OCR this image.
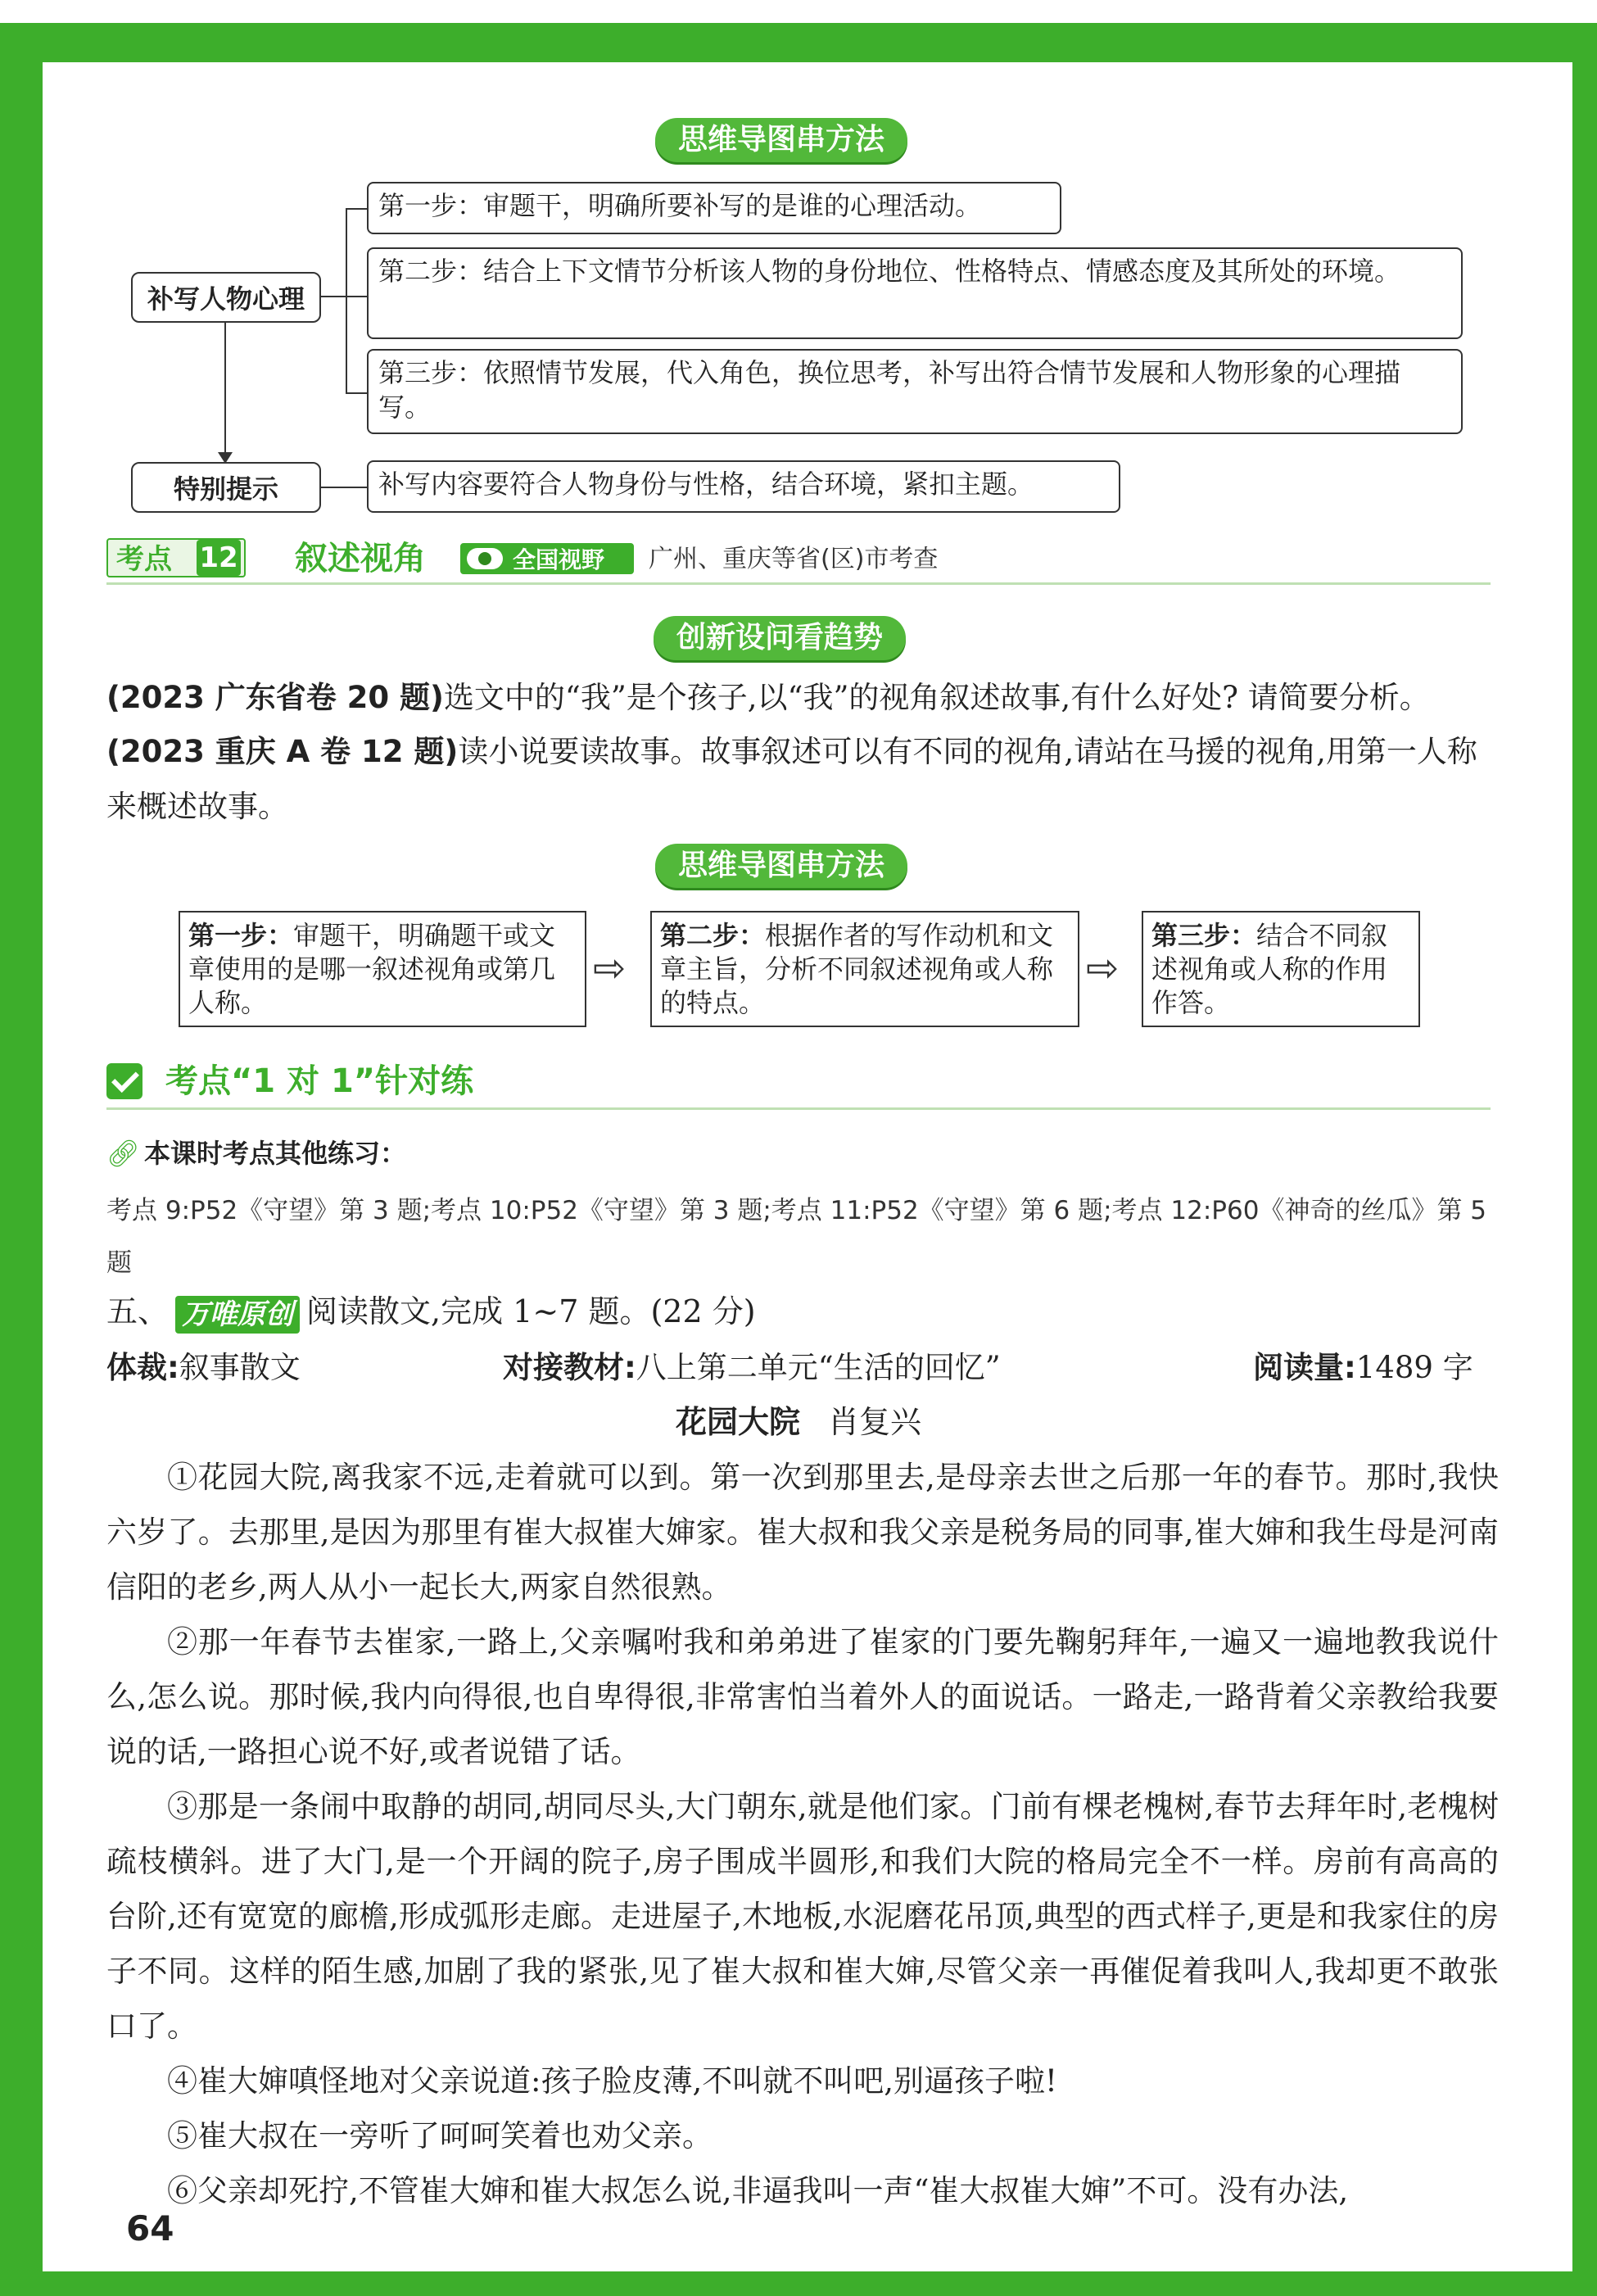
思维导图串方法
补写人物心理
第一步：审题干，明确所要补写的是谁的心理活动。
第二步：结合上下文情节分析该人物的身份地位、性格特点、情感态度及其所处的环境。
第三步：依照情节发展，代入角色，换位思考，补写出符合情节发展和人物形象的心理描写。
特别提示	补写内容要符合人物身份与性格，结合环境，紧扣主题。
考点 12 叙述视角	全国视野	广州、重庆等省(区)市考查
创新设问看趋势
(2023 广东省卷 20 题)选文中的“我”是个孩子,以“我”的视角叙述故事,有什么好处? 请简要分析。
(2023 重庆 A 卷 12 题)读小说要读故事。故事叙述可以有不同的视角,请站在马援的视角,用第一人称来概述故事。
思维导图串方法
第一步：审题干，明确题干或文章使用的是哪一叙述视角或第几人称。
⇨
第二步：根据作者的写作动机和文章主旨，分析不同叙述视角或人称的特点。
⇨
第三步：结合不同叙述视角或人称的作用作答。
考点“1 对 1”针对练
🔗︎ 本课时考点其他练习：
考点 9:P52《守望》第 3 题;考点 10:P52《守望》第 3 题;考点 11:P52《守望》第 6 题;考点 12:P60《神奇的丝瓜》第 5 题
五、 万唯原创 阅读散文,完成 1~7 题。(22 分)
体裁:叙事散文	对接教材:八上第二单元“生活的回忆”	阅读量:1489 字
花园大院 肖复兴

①花园大院,离我家不远,走着就可以到。第一次到那里去,是母亲去世之后那一年的春节。那时,我快六岁了。去那里,是因为那里有崔大叔崔大婶家。崔大叔和我父亲是税务局的同事,崔大婶和我生母是河南信阳的老乡,两人从小一起长大,两家自然很熟。

②那一年春节去崔家,一路上,父亲嘱咐我和弟弟进了崔家的门要先鞠躬拜年,一遍又一遍地教我说什么,怎么说。那时候,我内向得很,也自卑得很,非常害怕当着外人的面说话。一路走,一路背着父亲教给我要说的话,一路担心说不好,或者说错了话。

③那是一条闹中取静的胡同,胡同尽头,大门朝东,就是他们家。门前有棵老槐树,春节去拜年时,老槐树疏枝横斜。进了大门,是一个开阔的院子,房子围成半圆形,和我们大院的格局完全不一样。房前有高高的台阶,还有宽宽的廊檐,形成弧形走廊。走进屋子,木地板,水泥磨花吊顶,典型的西式样子,更是和我家住的房子不同。这样的陌生感,加剧了我的紧张,见了崔大叔和崔大婶,尽管父亲一再催促着我叫人,我却更不敢张口了。

④崔大婶嗔怪地对父亲说道:孩子脸皮薄,不叫就不叫吧,别逼孩子啦!

⑤崔大叔在一旁听了呵呵笑着也劝父亲。

⑥父亲却死拧,不管崔大婶和崔大叔怎么说,非逼我叫一声“崔大叔崔大婶”不可。没有办法,

64
